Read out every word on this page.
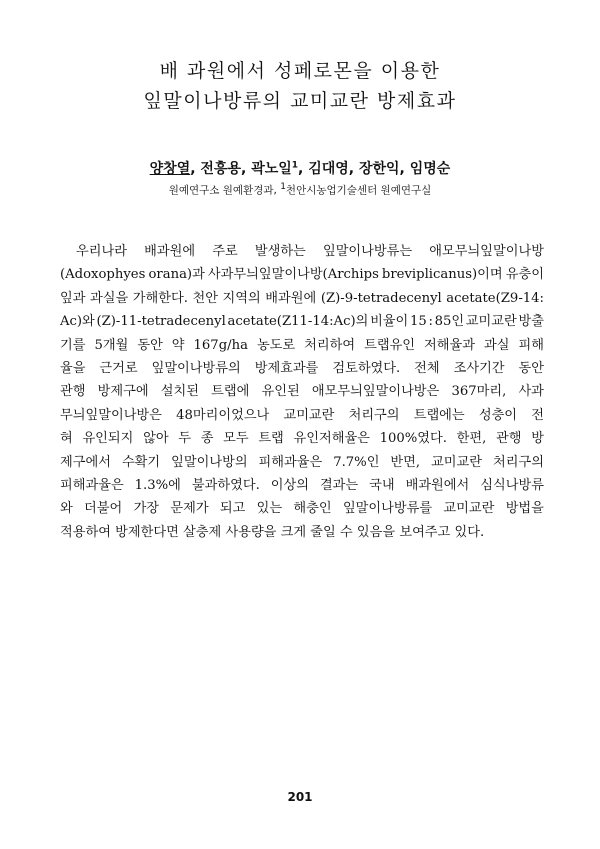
배 과원에서 성페로몬을 이용한
잎말이나방류의 교미교란 방제효과
양창열, 전흥용, 곽노일$^1$, 김대영, 장한익, 임명순
원예연구소 원예환경과, $^1$천안시농업기술센터 원예연구실
우리나라 배과원에 주로 발생하는 잎말이나방류는 애모무늬잎말이나방
(Adoxophyes orana)과 사과무늬잎말이나방(Archips breviplicanus)이며 유충이
잎과 과실을 가해한다. 천안 지역의 배과원에 (Z)-9-tetradecenyl acetate(Z9-14:
Ac)와 (Z)-11-tetradecenyl acetate(Z11-14:Ac)의 비율이 15 : 85인 교미교란 방출
기를 5개월 동안 약 167g/ha 농도로 처리하여 트랩유인 저해율과 과실 피해
율을 근거로 잎말이나방류의 방제효과를 검토하였다. 전체 조사기간 동안
관행 방제구에 설치된 트랩에 유인된 애모무늬잎말이나방은 367마리, 사과
무늬잎말이나방은 48마리이었으나 교미교란 처리구의 트랩에는 성충이 전
혀 유인되지 않아 두 종 모두 트랩 유인저해율은 100%였다. 한편, 관행 방
제구에서 수확기 잎말이나방의 피해과율은 7.7%인 반면, 교미교란 처리구의
피해과율은 1.3%에 불과하였다. 이상의 결과는 국내 배과원에서 심식나방류
와 더불어 가장 문제가 되고 있는 해충인 잎말이나방류를 교미교란 방법을
적용하여 방제한다면 살충제 사용량을 크게 줄일 수 있음을 보여주고 있다.
201
